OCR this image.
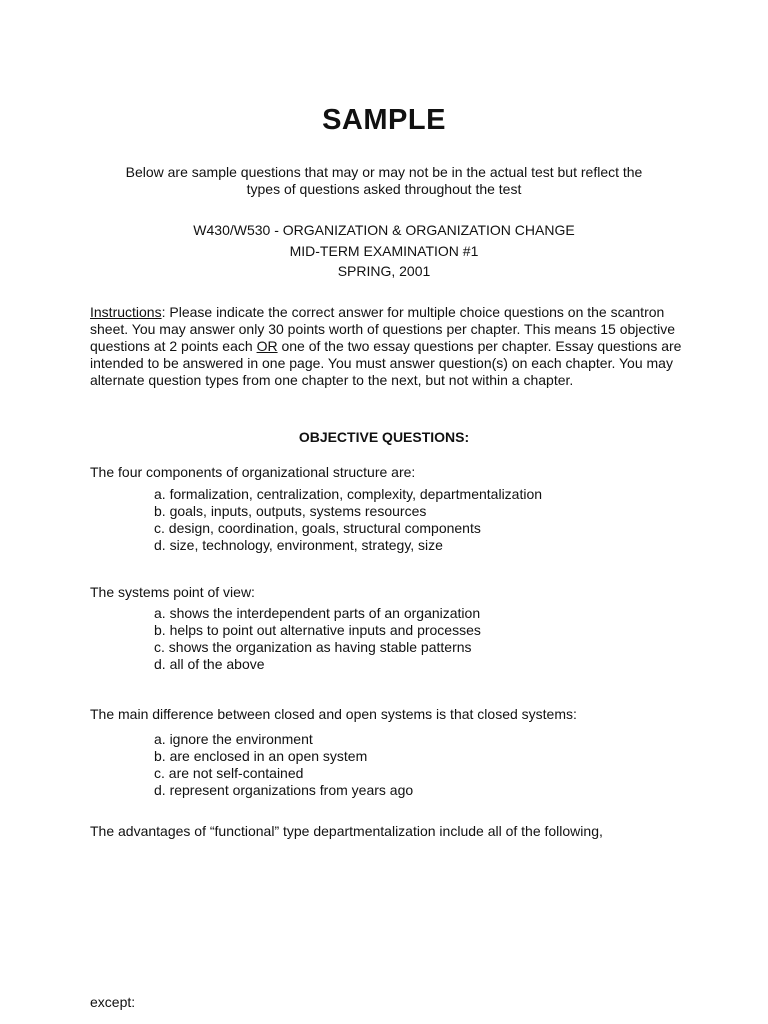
SAMPLE
Below are sample questions that may or may not be in the actual test but reflect the
types of questions asked throughout the test
W430/W530 - ORGANIZATION & ORGANIZATION CHANGE
MID-TERM EXAMINATION #1
SPRING, 2001
Instructions: Please indicate the correct answer for multiple choice questions on the scantron sheet. You may answer only 30 points worth of questions per chapter. This means 15 objective questions at 2 points each OR one of the two essay questions per chapter. Essay questions are intended to be answered in one page. You must answer question(s) on each chapter. You may alternate question types from one chapter to the next, but not within a chapter.
OBJECTIVE QUESTIONS:
The four components of organizational structure are:
a. formalization, centralization, complexity, departmentalization
b. goals, inputs, outputs, systems resources
c. design, coordination, goals, structural components
d. size, technology, environment, strategy, size
The systems point of view:
a. shows the interdependent parts of an organization
b. helps to point out alternative inputs and processes
c. shows the organization as having stable patterns
d. all of the above
The main difference between closed and open systems is that closed systems:
a. ignore the environment
b. are enclosed in an open system
c. are not self-contained
d. represent organizations from years ago
The advantages of “functional” type departmentalization include all of the following,
except:
